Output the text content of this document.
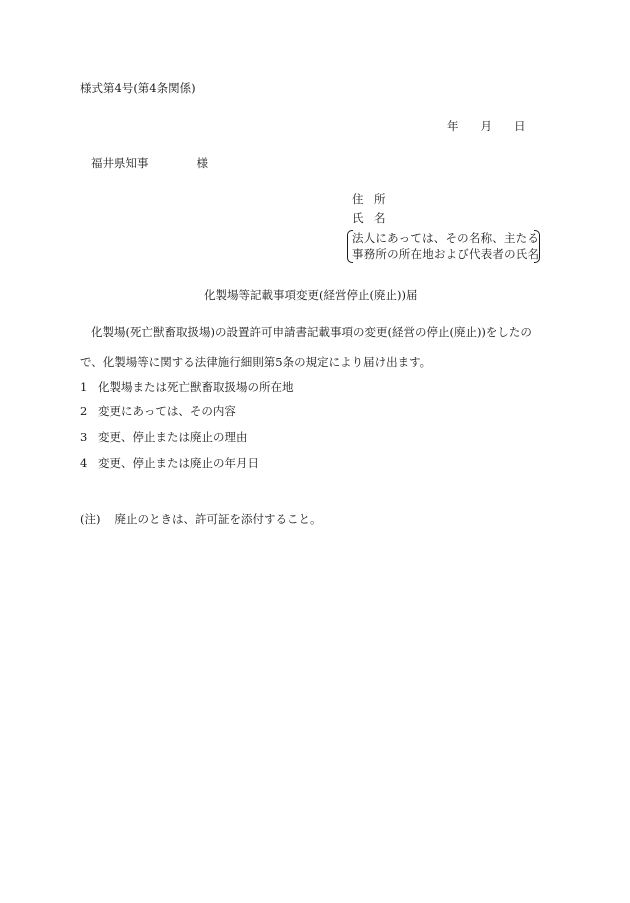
様式第4号(第4条関係)
年 月 日
福井県知事	様
住 所
氏 名
法人にあっては、その名称、主たる
事務所の所在地および代表者の氏名
化製場等記載事項変更(経営停止(廃止))届
化製場(死亡獣畜取扱場)の設置許可申請書記載事項の変更(経営の停止(廃止))をしたの
で、化製場等に関する法律施行細則第5条の規定により届け出ます。
1 化製場または死亡獣畜取扱場の所在地
2 変更にあっては、その内容
3 変更、停止または廃止の理由
4 変更、停止または廃止の年月日
(注) 廃止のときは、許可証を添付すること。
